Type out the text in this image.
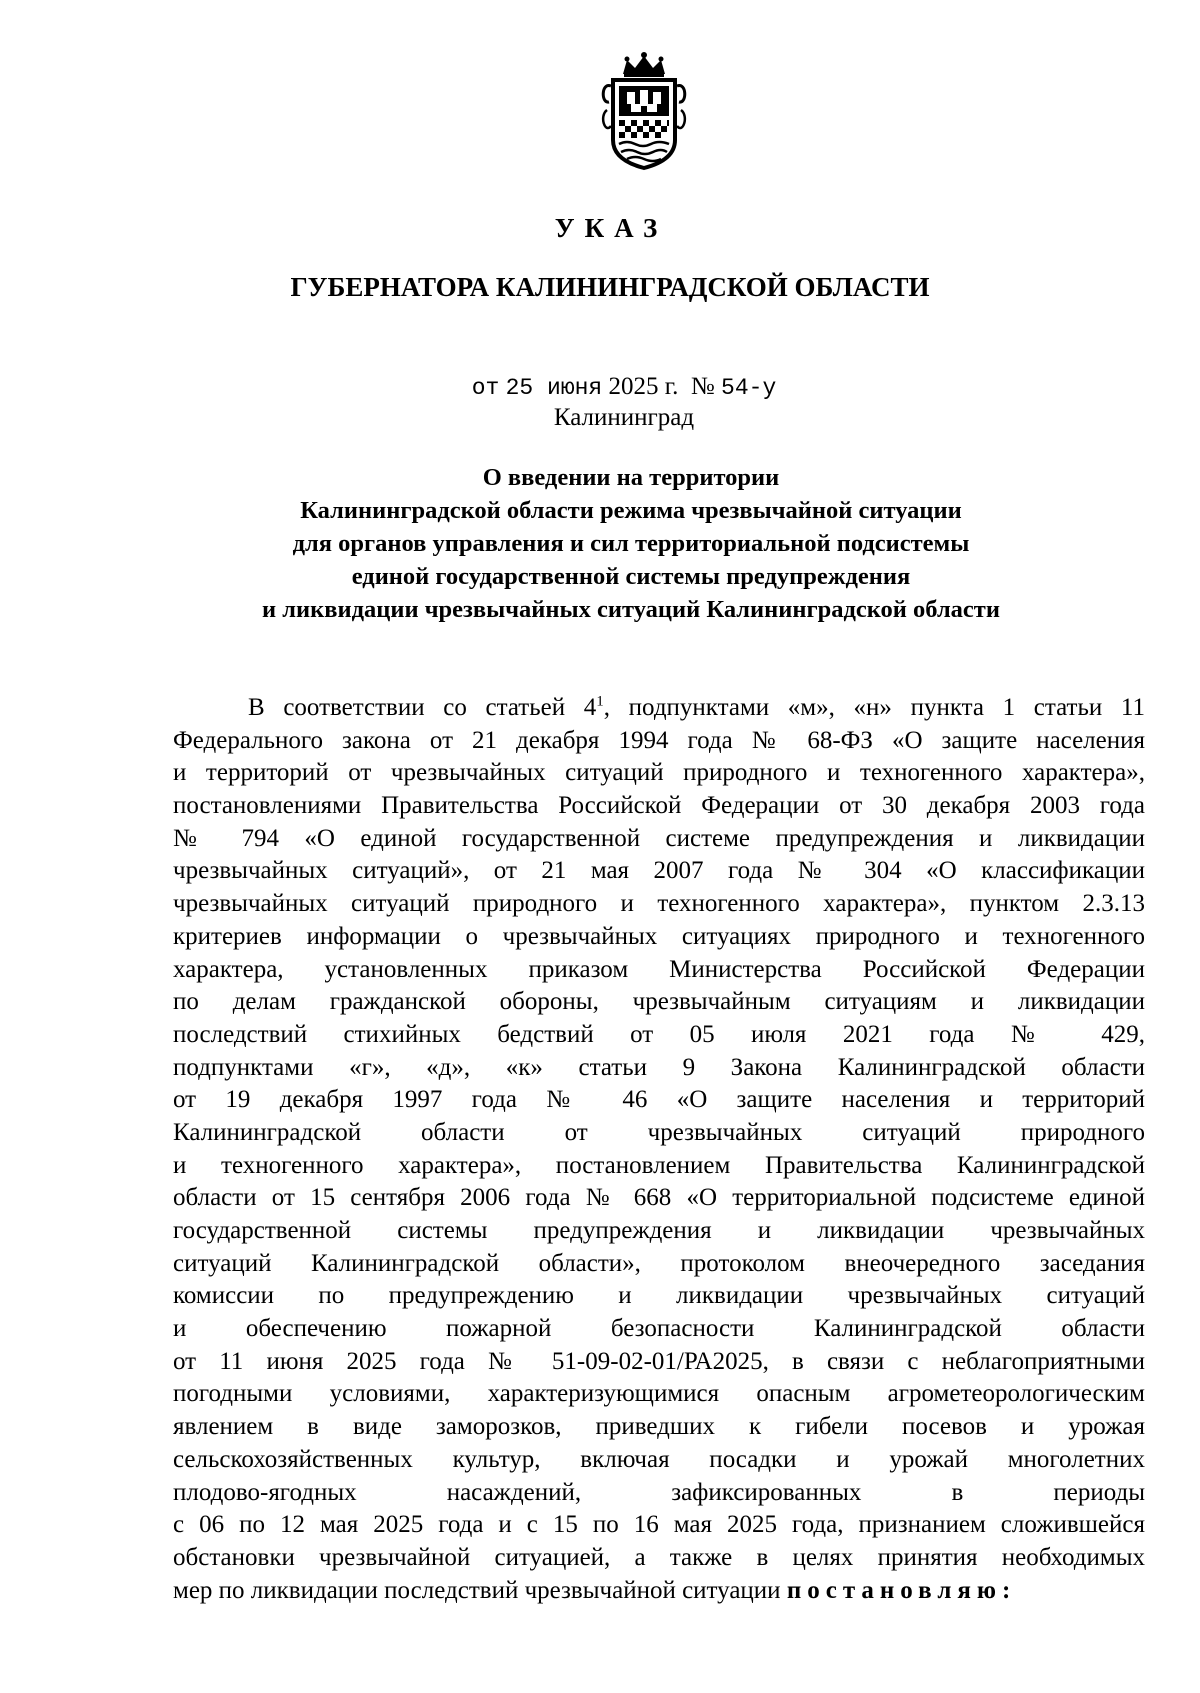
УКАЗ
ГУБЕРНАТОРА КАЛИНИНГРАДСКОЙ ОБЛАСТИ
от 25 июня 2025 г. № 54-у
Калининград
О введении на территории
Калининградской области режима чрезвычайной ситуации
для органов управления и сил территориальной подсистемы
единой государственной системы предупреждения
и ликвидации чрезвычайных ситуаций Калининградской области
В соответствии со статьей $4^1$, подпунктами «м», «н» пункта 1 статьи 11
Федерального закона от 21 декабря 1994 года № 68-ФЗ «О защите населения
и территорий от чрезвычайных ситуаций природного и техногенного характера»,
постановлениями Правительства Российской Федерации от 30 декабря 2003 года
№ 794 «О единой государственной системе предупреждения и ликвидации
чрезвычайных ситуаций», от 21 мая 2007 года № 304 «О классификации
чрезвычайных ситуаций природного и техногенного характера», пунктом 2.3.13
критериев информации о чрезвычайных ситуациях природного и техногенного
характера, установленных приказом Министерства Российской Федерации
по делам гражданской обороны, чрезвычайным ситуациям и ликвидации
последствий стихийных бедствий от 05 июля 2021 года № 429,
подпунктами «г», «д», «к» статьи 9 Закона Калининградской области
от 19 декабря 1997 года № 46 «О защите населения и территорий
Калининградской области от чрезвычайных ситуаций природного
и техногенного характера», постановлением Правительства Калининградской
области от 15 сентября 2006 года № 668 «О территориальной подсистеме единой
государственной системы предупреждения и ликвидации чрезвычайных
ситуаций Калининградской области», протоколом внеочередного заседания
комиссии по предупреждению и ликвидации чрезвычайных ситуаций
и обеспечению пожарной безопасности Калининградской области
от 11 июня 2025 года № 51-09-02-01/РА2025, в связи с неблагоприятными
погодными условиями, характеризующимися опасным агрометеорологическим
явлением в виде заморозков, приведших к гибели посевов и урожая
сельскохозяйственных культур, включая посадки и урожай многолетних
плодово-ягодных насаждений, зафиксированных в периоды
с 06 по 12 мая 2025 года и с 15 по 16 мая 2025 года, признанием сложившейся
обстановки чрезвычайной ситуацией, а также в целях принятия необходимых
мер по ликвидации последствий чрезвычайной ситуации постановляю:
